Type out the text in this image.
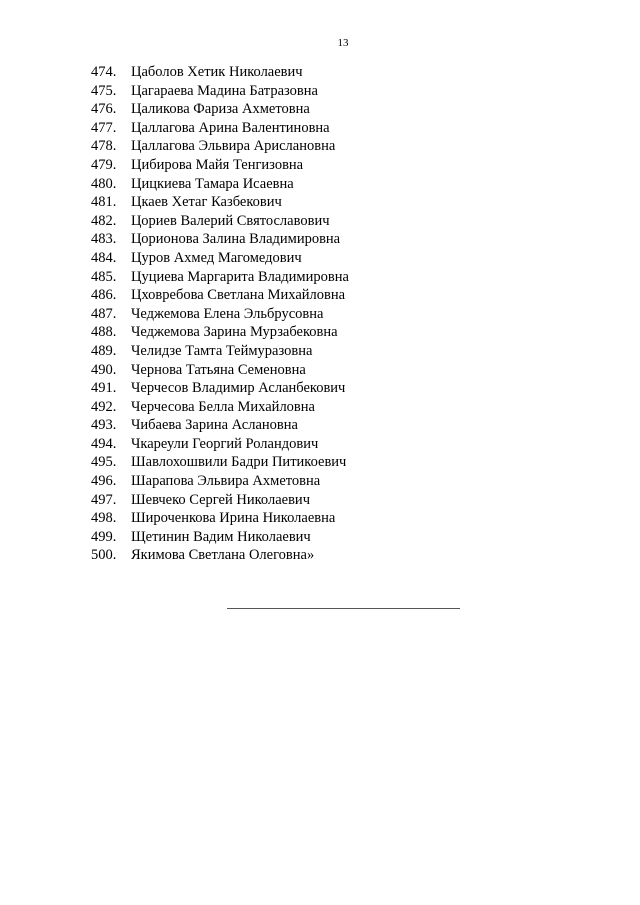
13
474.	Цаболов Хетик Николаевич
475.	Цагараева Мадина Батразовна
476.	Цаликова Фариза Ахметовна
477.	Цаллагова Арина Валентиновна
478.	Цаллагова Эльвира Арислановна
479.	Цибирова Майя Тенгизовна
480.	Цицкиева Тамара Исаевна
481.	Цкаев Хетаг Казбекович
482.	Цориев Валерий Святославович
483.	Цорионова Залина Владимировна
484.	Цуров Ахмед Магомедович
485.	Цуциева Маргарита Владимировна
486.	Цховребова Светлана Михайловна
487.	Чеджемова Елена Эльбрусовна
488.	Чеджемова Зарина Мурзабековна
489.	Челидзе Тамта Теймуразовна
490.	Чернова Татьяна Семеновна
491.	Черчесов Владимир Асланбекович
492.	Черчесова Белла Михайловна
493.	Чибаева Зарина Аслановна
494.	Чкареули Георгий Роландович
495.	Шавлохошвили Бадри Питикоевич
496.	Шарапова Эльвира Ахметовна
497.	Шевчеко Сергей Николаевич
498.	Широченкова Ирина Николаевна
499.	Щетинин Вадим Николаевич
500.	Якимова Светлана Олеговна»
